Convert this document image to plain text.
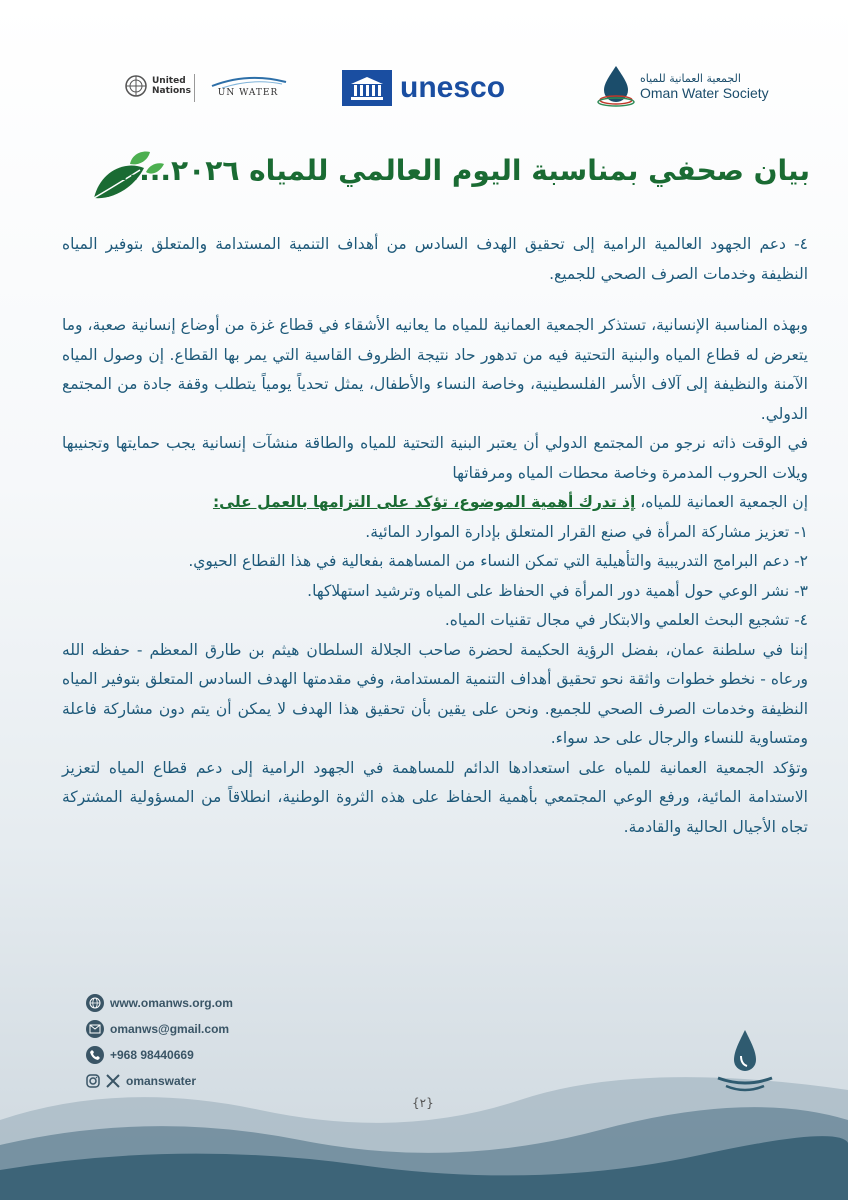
United
Nations	UN WATER	unesco	الجمعية العمانية للمياه
Oman Water Society
بيان صحفي بمناسبة اليوم العالمي للمياه ٢٠٢٦.....

٤- دعم الجهود العالمية الرامية إلى تحقيق الهدف السادس من أهداف التنمية المستدامة والمتعلق بتوفير المياه النظيفة وخدمات الصرف الصحي للجميع.

وبهذه المناسبة الإنسانية، تستذكر الجمعية العمانية للمياه ما يعانيه الأشقاء في قطاع غزة من أوضاع إنسانية صعبة، وما يتعرض له قطاع المياه والبنية التحتية فيه من تدهور حاد نتيجة الظروف القاسية التي يمر بها القطاع. إن وصول المياه الآمنة والنظيفة إلى آلاف الأسر الفلسطينية، وخاصة النساء والأطفال، يمثل تحدياً يومياً يتطلب وقفة جادة من المجتمع الدولي.

في الوقت ذاته نرجو من المجتمع الدولي أن يعتبر البنية التحتية للمياه والطاقة منشآت إنسانية يجب حمايتها وتجنيبها ويلات الحروب المدمرة وخاصة محطات المياه ومرفقاتها

إن الجمعية العمانية للمياه، إذ تدرك أهمية الموضوع، تؤكد على التزامها بالعمل على:

١- تعزيز مشاركة المرأة في صنع القرار المتعلق بإدارة الموارد المائية.

٢- دعم البرامج التدريبية والتأهيلية التي تمكن النساء من المساهمة بفعالية في هذا القطاع الحيوي.

٣- نشر الوعي حول أهمية دور المرأة في الحفاظ على المياه وترشيد استهلاكها.

٤- تشجيع البحث العلمي والابتكار في مجال تقنيات المياه.

إننا في سلطنة عمان، بفضل الرؤية الحكيمة لحضرة صاحب الجلالة السلطان هيثم بن طارق المعظم - حفظه الله ورعاه - نخطو خطوات واثقة نحو تحقيق أهداف التنمية المستدامة، وفي مقدمتها الهدف السادس المتعلق بتوفير المياه النظيفة وخدمات الصرف الصحي للجميع. ونحن على يقين بأن تحقيق هذا الهدف لا يمكن أن يتم دون مشاركة فاعلة ومتساوية للنساء والرجال على حد سواء.

وتؤكد الجمعية العمانية للمياه على استعدادها الدائم للمساهمة في الجهود الرامية إلى دعم قطاع المياه لتعزيز الاستدامة المائية، ورفع الوعي المجتمعي بأهمية الحفاظ على هذه الثروة الوطنية، انطلاقاً من المسؤولية المشتركة تجاه الأجيال الحالية والقادمة.

www.omanws.org.om
omanws@gmail.com
+968 98440669
omanswater
{٢}
